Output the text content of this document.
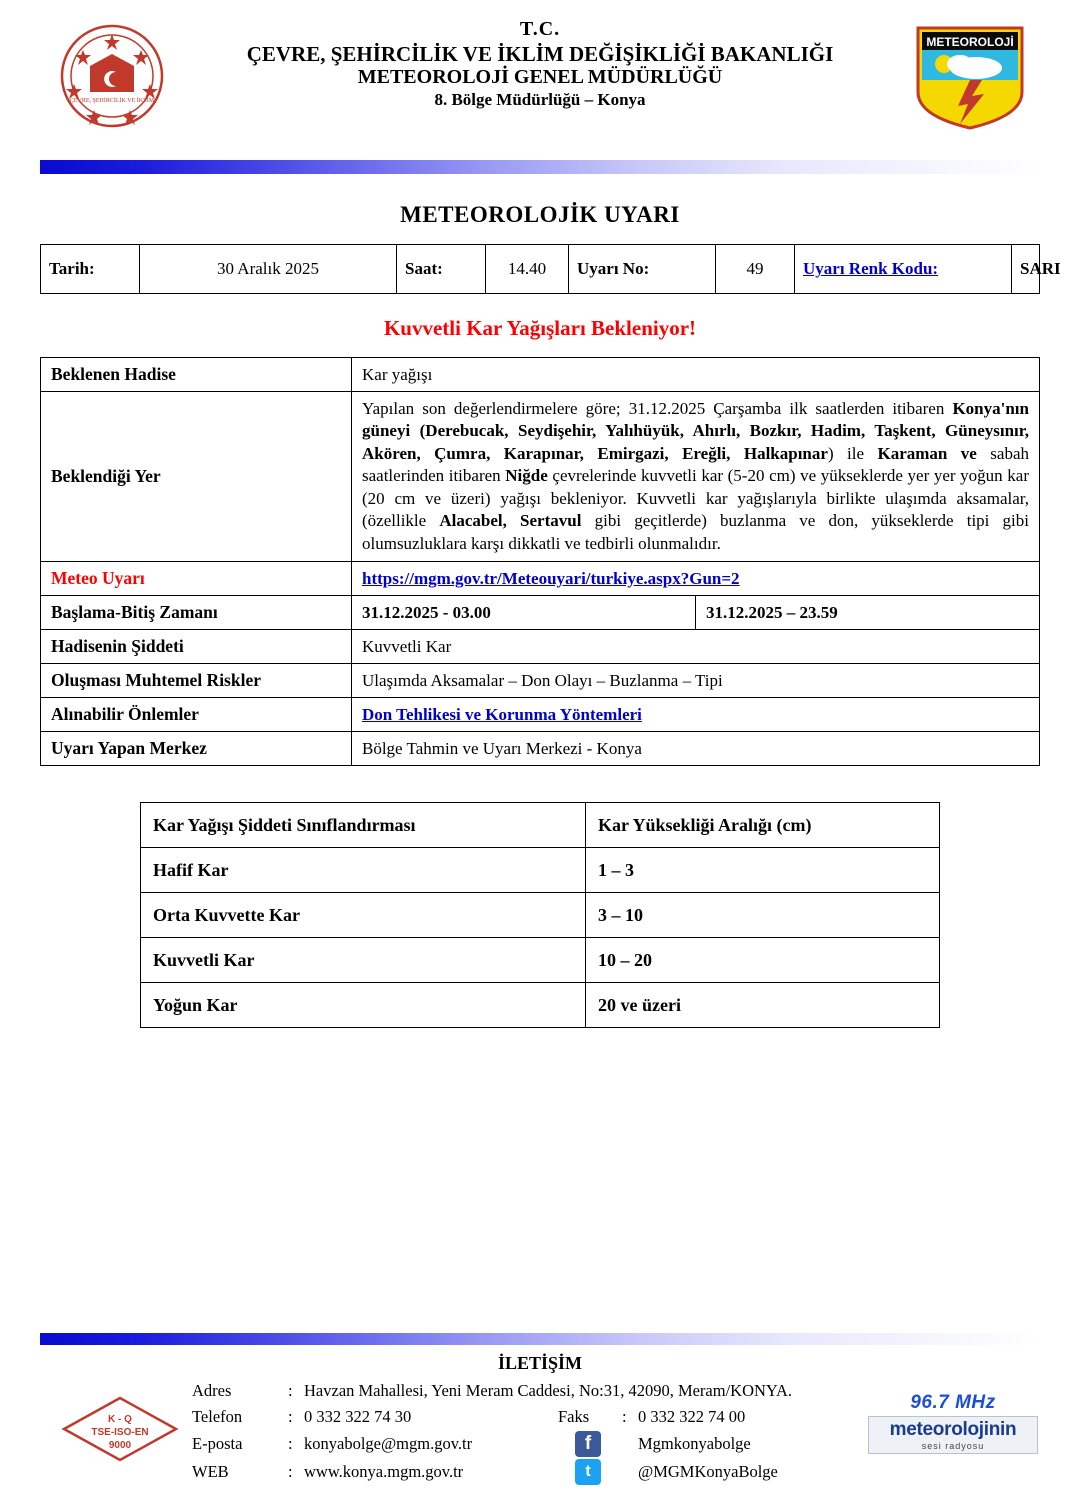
ÇEVRE, ŞEHİRCİLİK VE İKLİM
T.C.
ÇEVRE, ŞEHİRCİLİK VE İKLİM DEĞİŞİKLİĞİ BAKANLIĞI
METEOROLOJİ GENEL MÜDÜRLÜĞÜ
8. Bölge Müdürlüğü – Konya
METEOROLOJİ
METEOROLOJİK UYARI
Tarih:	30 Aralık 2025	Saat:	14.40	Uyarı No:	49	Uyarı Renk Kodu:	SARI
Kuvvetli Kar Yağışları Bekleniyor!
Beklenen Hadise	Kar yağışı	
Beklendiği Yer	Yapılan son değerlendirmelere göre; 31.12.2025 Çarşamba ilk saatlerden itibaren Konya'nın güneyi (Derebucak, Seydişehir, Yalıhüyük, Ahırlı, Bozkır, Hadim, Taşkent, Güneysınır, Akören, Çumra, Karapınar, Emirgazi, Ereğli, Halkapınar) ile Karaman ve sabah saatlerinden itibaren Niğde çevrelerinde kuvvetli kar (5-20 cm) ve yükseklerde yer yer yoğun kar (20 cm ve üzeri) yağışı bekleniyor. Kuvvetli kar yağışlarıyla birlikte ulaşımda aksamalar, (özellikle Alacabel, Sertavul gibi geçitlerde) buzlanma ve don, yükseklerde tipi gibi olumsuzluklara karşı dikkatli ve tedbirli olunmalıdır.	
Meteo Uyarı	https://mgm.gov.tr/Meteouyari/turkiye.aspx?Gun=2	
Başlama-Bitiş Zamanı	31.12.2025 - 03.00	31.12.2025 – 23.59
Hadisenin Şiddeti	Kuvvetli Kar	
Oluşması Muhtemel Riskler	Ulaşımda Aksamalar – Don Olayı – Buzlanma – Tipi	
Alınabilir Önlemler	Don Tehlikesi ve Korunma Yöntemleri	
Uyarı Yapan Merkez	Bölge Tahmin ve Uyarı Merkezi - Konya	
Kar Yağışı Şiddeti Sınıflandırması	Kar Yüksekliği Aralığı (cm)
Hafif Kar	1 – 3
Orta Kuvvette Kar	3 – 10
Kuvvetli Kar	10 – 20
Yoğun Kar	20 ve üzeri
İLETİŞİM
Adres	:	Havzan Mahallesi, Yeni Meram Caddesi, No:31, 42090, Meram/KONYA.			
Telefon	:	0 332 322 74 30	Faks	:	0 332 322 74 00
E-posta	:	konyabolge@mgm.gov.tr	f		Mgmkonyabolge
WEB	:	www.konya.mgm.gov.tr	t		@MGMKonyaBolge
K - Q
TSE-ISO-EN
9000
96.7 MHz
meteorolojinin
sesi radyosu
